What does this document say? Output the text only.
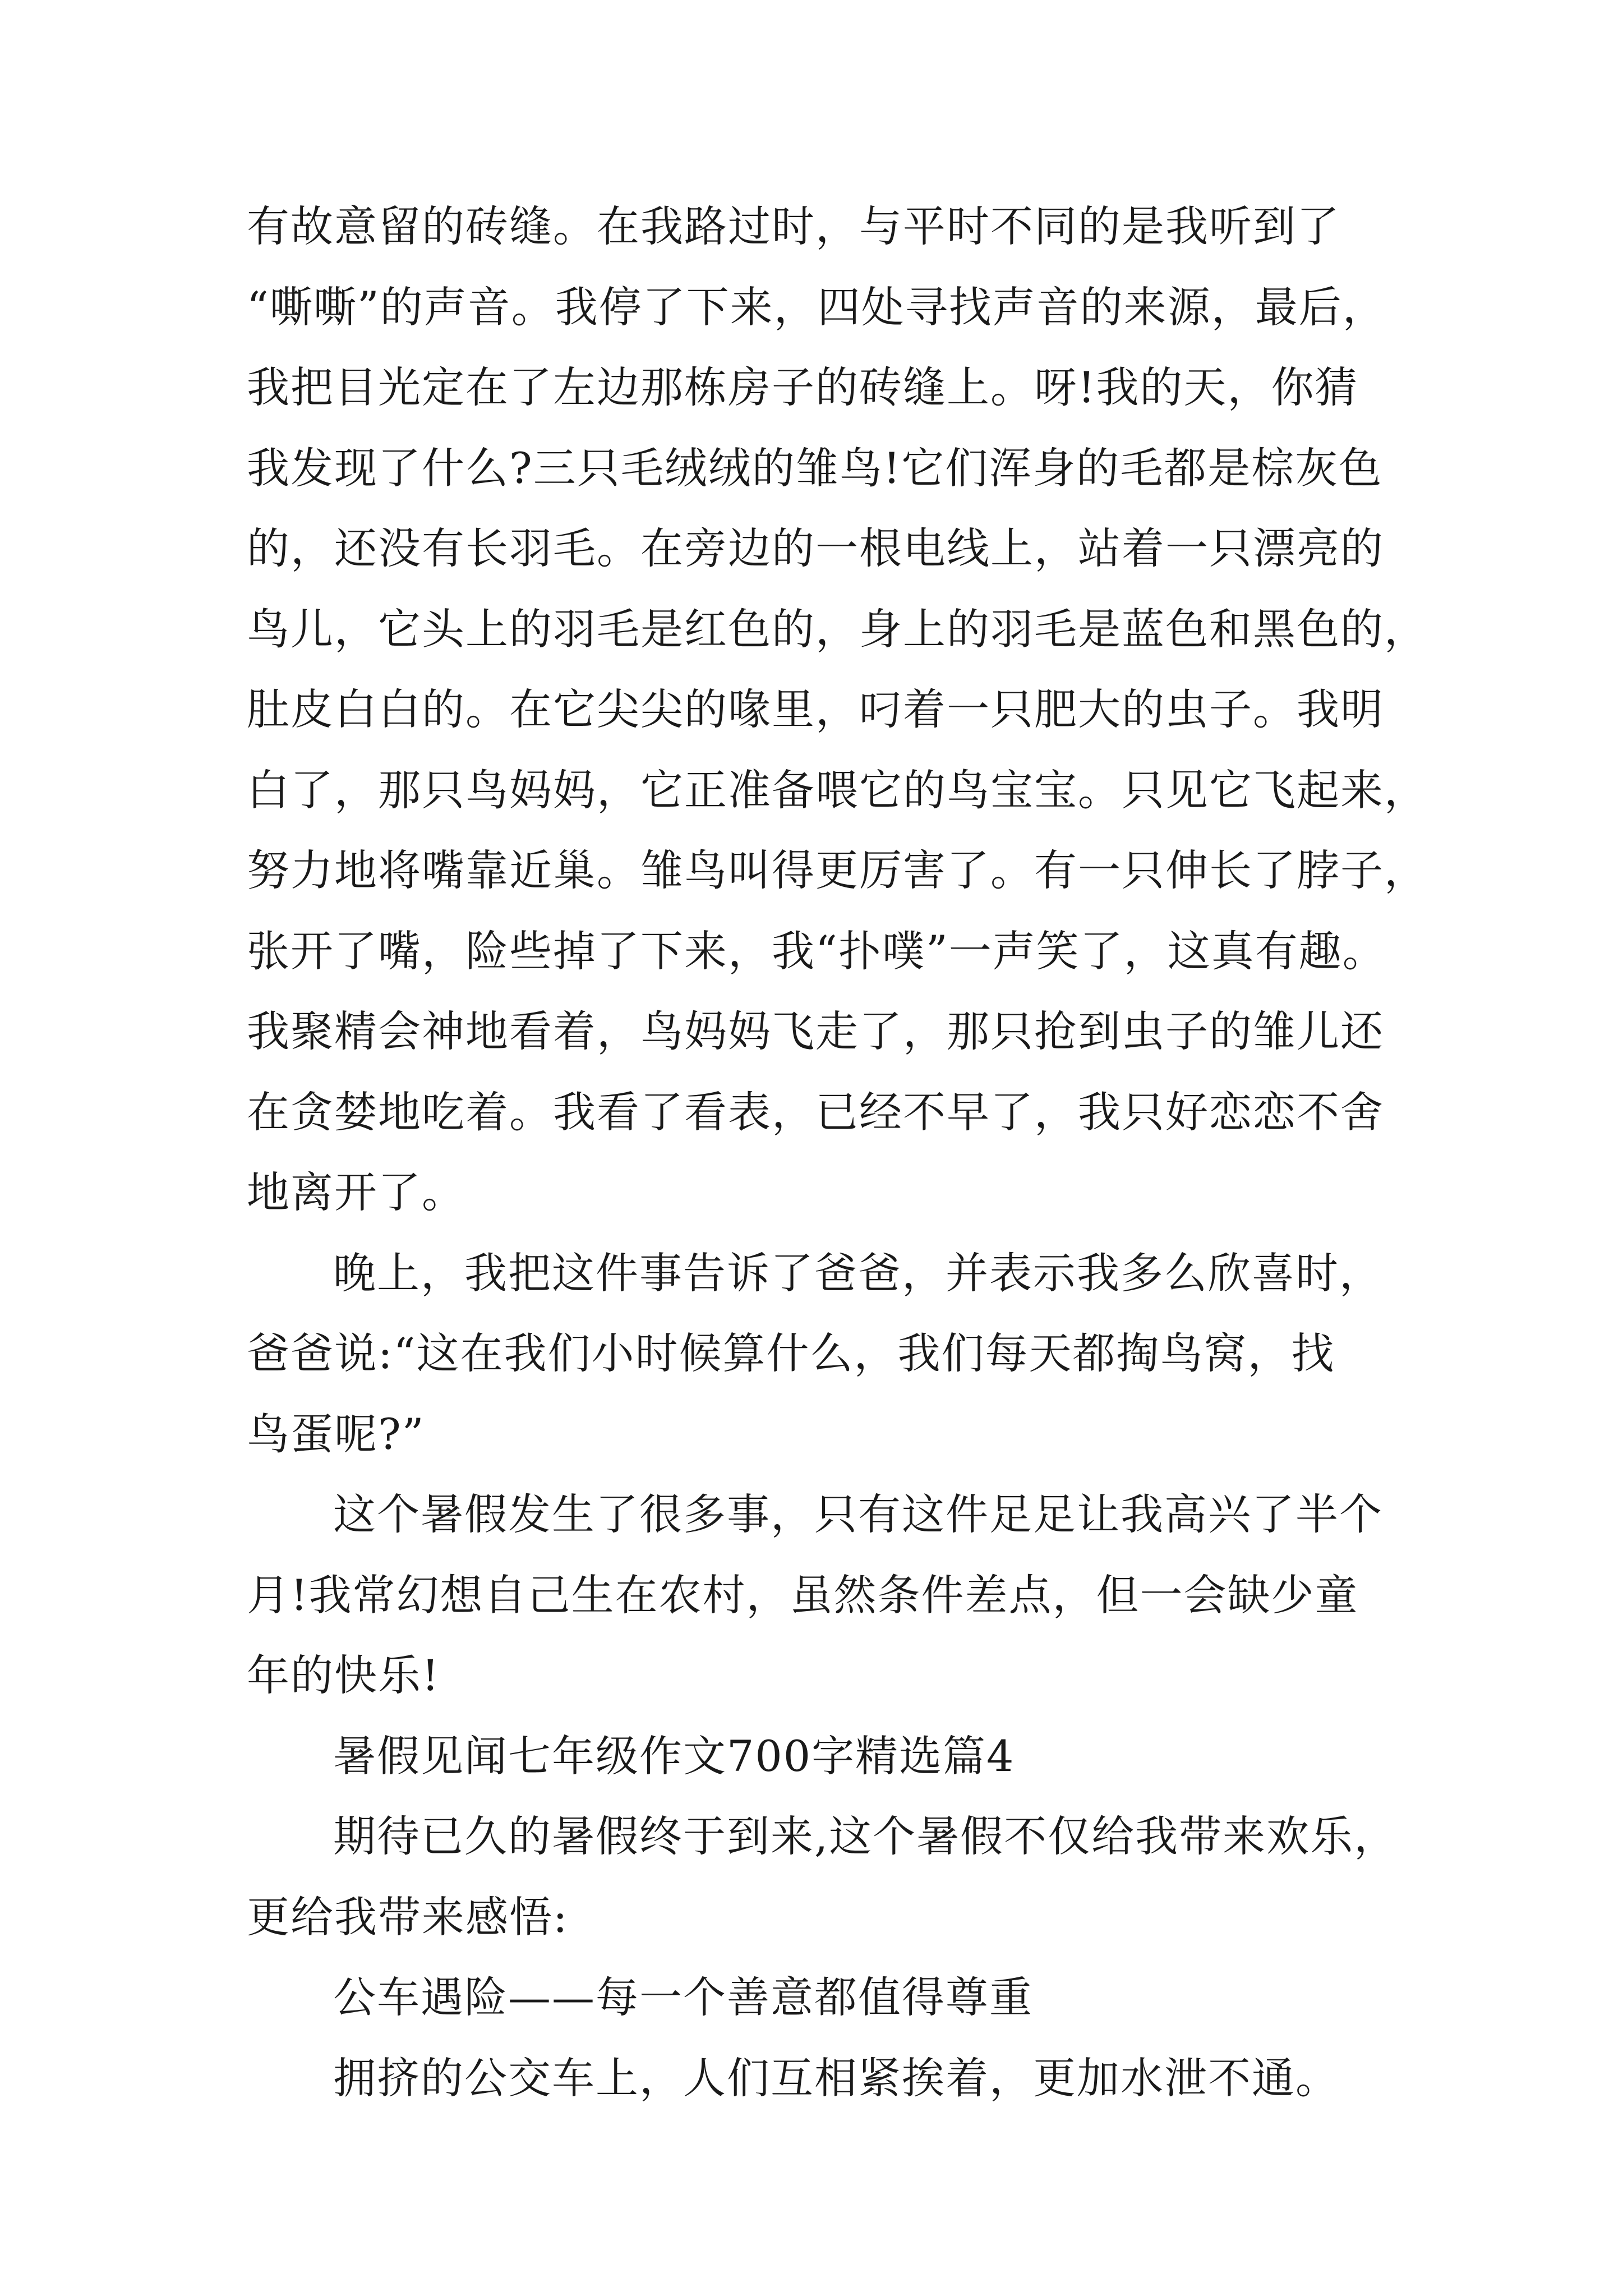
有故意留的砖缝。在我路过时，与平时不同的是我听到了
“嘶嘶”的声音。我停了下来，四处寻找声音的来源，最后，
我把目光定在了左边那栋房子的砖缝上。呀!我的天，你猜
我发现了什么?三只毛绒绒的雏鸟!它们浑身的毛都是棕灰色
的，还没有长羽毛。在旁边的一根电线上，站着一只漂亮的
鸟儿，它头上的羽毛是红色的，身上的羽毛是蓝色和黑色的，
肚皮白白的。在它尖尖的喙里，叼着一只肥大的虫子。我明
白了，那只鸟妈妈，它正准备喂它的鸟宝宝。只见它飞起来，
努力地将嘴靠近巢。雏鸟叫得更厉害了。有一只伸长了脖子，
张开了嘴，险些掉了下来，我“扑噗”一声笑了，这真有趣。
我聚精会神地看着，鸟妈妈飞走了，那只抢到虫子的雏儿还
在贪婪地吃着。我看了看表，已经不早了，我只好恋恋不舍
地离开了。
晚上，我把这件事告诉了爸爸，并表示我多么欣喜时，
爸爸说:“这在我们小时候算什么，我们每天都掏鸟窝，找
鸟蛋呢?”
这个暑假发生了很多事，只有这件足足让我高兴了半个
月!我常幻想自己生在农村，虽然条件差点，但一会缺少童
年的快乐!
暑假见闻七年级作文700字精选篇4
期待已久的暑假终于到来,这个暑假不仅给我带来欢乐，
更给我带来感悟:
公车遇险——每一个善意都值得尊重
拥挤的公交车上，人们互相紧挨着，更加水泄不通。
